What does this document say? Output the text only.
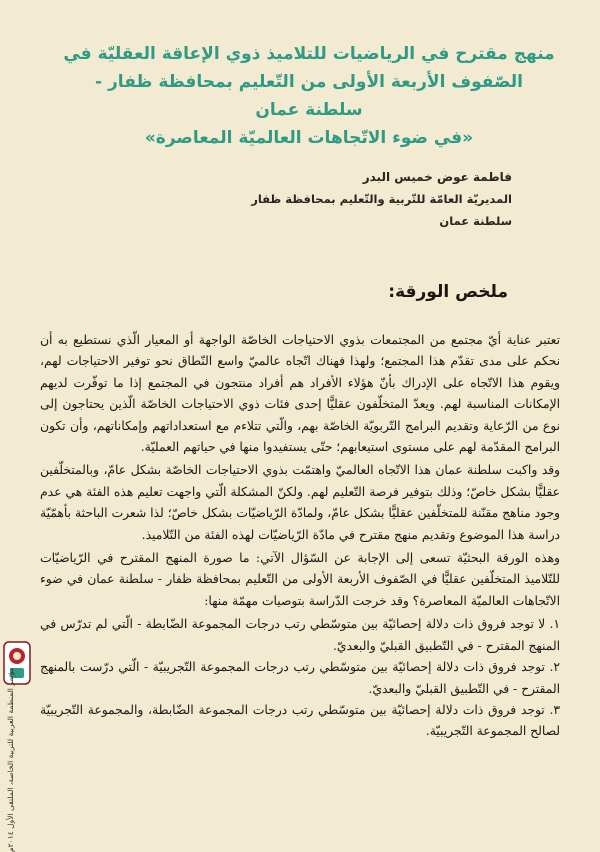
منهج مقترح في الرياضيات للتلاميذ ذوي الإعاقة العقليّة في
الصّفوف الأربعة الأولى من التّعليم بمحافظة ظفار -
سلطنة عمان
«في ضوء الاتّجاهات العالميّة المعاصرة»
فاطمة عوض خميس البدر
المديريّة العامّة للتّربية والتّعليم بمحافظة ظفار
سلطنة عمان
ملخص الورقة:

تعتبر عناية أيّ مجتمع من المجتمعات بذوي الاحتياجات الخاصّة الواجهة أو المعيار الّذي نستطيع به أن نحكم على مدى تقدّم هذا المجتمع؛ ولهذا فهناك اتّجاه عالميّ واسع النّطاق نحو توفير الاحتياجات لهم، ويقوم هذا الاتّجاه على الإدراك بأنّ هؤلاء الأفراد هم أفراد منتجون في المجتمع إذا ما توفّرت لديهم الإمكانات المناسبة لهم. ويعدّ المتخلّفون عقليًّا إحدى فئات ذوي الاحتياجات الخاصّة الّذين يحتاجون إلى نوع من الرّعاية وتقديم البرامج التّربويّة الخاصّة بهم، والّتي تتلاءم مع استعداداتهم وإمكاناتهم، وأن تكون البرامج المقدّمة لهم على مستوى استيعابهم؛ حتّى يستفيدوا منها في حياتهم العمليّة.

وقد واكبت سلطنة عمان هذا الاتّجاه العالميّ واهتمّت بذوي الاحتياجات الخاصّة بشكل عامّ، وبالمتخلّفين عقليًّا بشكل خاصّ؛ وذلك بتوفير فرصة التّعليم لهم. ولكنّ المشكلة الّتي واجهت تعليم هذه الفئة هي عدم وجود مناهج مقنّنة للمتخلّفين عقليًّا بشكل عامّ، ولمادّة الرّياضيّات بشكل خاصّ؛ لذا شعرت الباحثة بأهمّيّة دراسة هذا الموضوع وتقديم منهج مقترح في مادّة الرّياضيّات لهذه الفئة من التّلاميذ.

وهذه الورقة البحثيّة تسعى إلى الإجابة عن السّؤال الآتي: ما صورة المنهج المقترح في الرّياضيّات للتّلاميذ المتخلّفين عقليًّا في الصّفوف الأربعة الأولى من التّعليم بمحافظة ظفار - سلطنة عمان في ضوء الاتّجاهات العالميّة المعاصرة؟ وقد خرجت الدّراسة بتوصيات مهمّة منها:

١. لا توجد فروق ذات دلالة إحصائيّة بين متوسّطي رتب درجات المجموعة الضّابطة - الّتي لم تدرّس في المنهج المقترح - في التّطبيق القبليّ والبعديّ.

٢. توجد فروق ذات دلالة إحصائيّة بين متوسّطي رتب درجات المجموعة التّجريبيّة - الّتي درّست بالمنهج المقترح - في التّطبيق القبليّ والبعديّ.

٣. توجد فروق ذات دلالة إحصائيّة بين متوسّطي رتب درجات المجموعة الضّابطة، والمجموعة التّجريبيّة لصالح المجموعة التّجريبيّة.

مؤتمر المنظمة العربية للتربية الخاصة، الملتقى الأول ٢٠١٤م
